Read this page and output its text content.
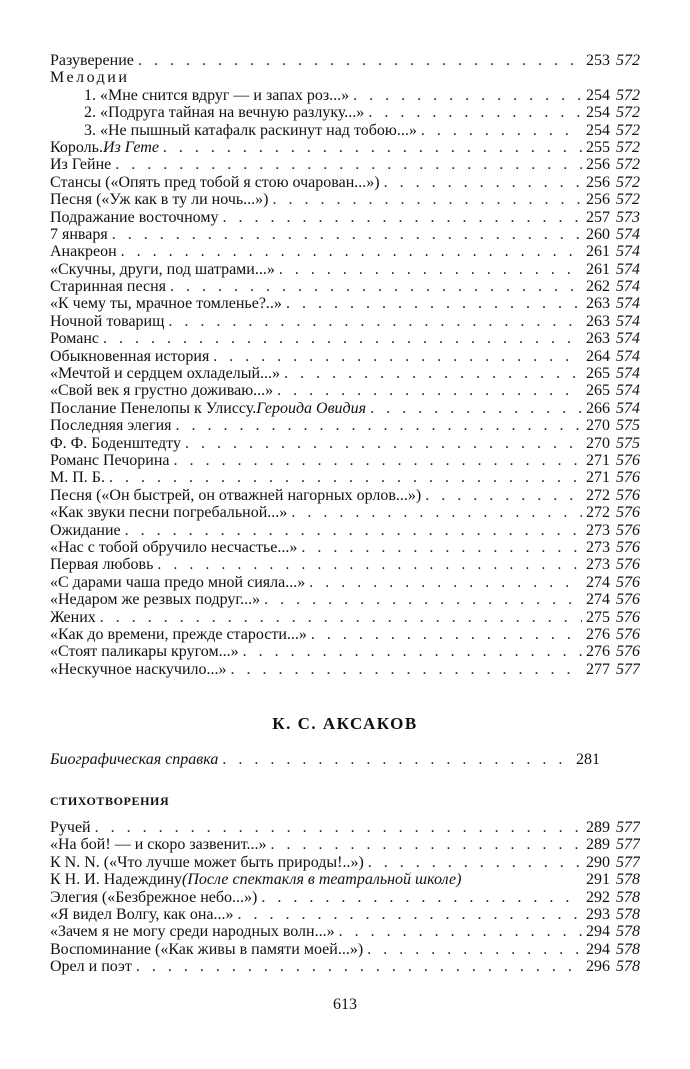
Разуверение . . .	253 572
Мелодии
1. «Мне снится вдруг — и запах роз...» . . .	254 572
2. «Подруга тайная на вечную разлуку...» . . .	254 572
3. «Не пышный катафалк раскинут над тобою...» . . .	254 572
Король. Из Гете . . .	255 572
Из Гейне . . .	256 572
Стансы («Опять пред тобой я стою очарован...») . . .	256 572
Песня («Уж как в ту ли ночь...») . . .	256 572
Подражание восточному . . .	257 573
7 января . . .	260 574
Анакреон . . .	261 574
«Скучны, други, под шатрами...» . . .	261 574
Старинная песня . . .	262 574
«К чему ты, мрачное томленье?..» . . .	263 574
Ночной товарищ . . .	263 574
Романс . . .	263 574
Обыкновенная история . . .	264 574
«Мечтой и сердцем охладелый...» . . .	265 574
«Свой век я грустно доживаю...» . . .	265 574
Послание Пенелопы к Улиссу. Героида Овидия . . .	266 574
Последняя элегия . . .	270 575
Ф. Ф. Боденштедту . . .	270 575
Романс Печорина . . .	271 576
М. П. Б. . . .	271 576
Песня («Он быстрей, он отважней нагорных орлов...») . . .	272 576
«Как звуки песни погребальной...» . . .	272 576
Ожидание . . .	273 576
«Нас с тобой обручило несчастье...» . . .	273 576
Первая любовь . . .	273 576
«С дарами чаша предо мной сияла...» . . .	274 576
«Недаром же резвых подруг...» . . .	274 576
Жених . . .	275 576
«Как до времени, прежде старости...» . . .	276 576
«Стоят паликары кругом...» . . .	276 576
«Нескучное наскучило...» . . .	277 577
К. С. АКСАКОВ
Биографическая справка . . .	281
СТИХОТВОРЕНИЯ
Ручей . . .	289 577
«На бой! — и скоро зазвенит...» . . .	289 577
К N. N. («Что лучше может быть природы!..») . . .	290 577
К Н. И. Надеждину (После спектакля в театральной школе)	291 578
Элегия («Безбрежное небо...») . . .	292 578
«Я видел Волгу, как она...» . . .	293 578
«Зачем я не могу среди народных волн...» . . .	294 578
Воспоминание («Как живы в памяти моей...») . . .	294 578
Орел и поэт . . .	296 578
613
